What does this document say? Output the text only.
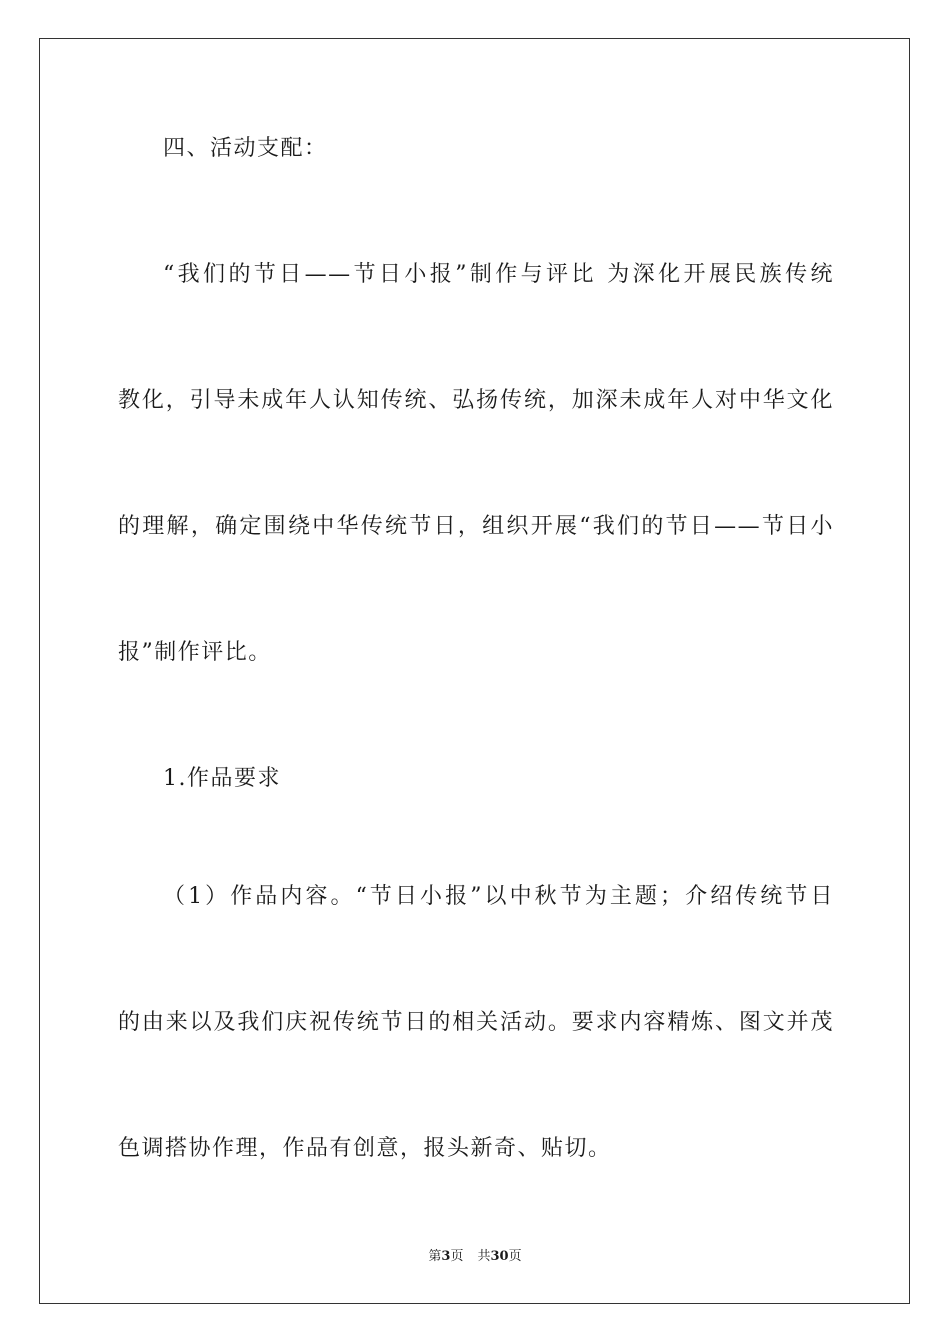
四、活动支配：
“我们的节日——节日小报”制作与评比 为深化开展民族传统
教化，引导未成年人认知传统、弘扬传统，加深未成年人对中华文化
的理解，确定围绕中华传统节日，组织开展“我们的节日——节日小
报”制作评比。
1.作品要求
（1）作品内容。“节日小报”以中秋节为主题；介绍传统节日
的由来以及我们庆祝传统节日的相关活动。要求内容精炼、图文并茂
色调搭协作理，作品有创意，报头新奇、贴切。
第3页 共30页
